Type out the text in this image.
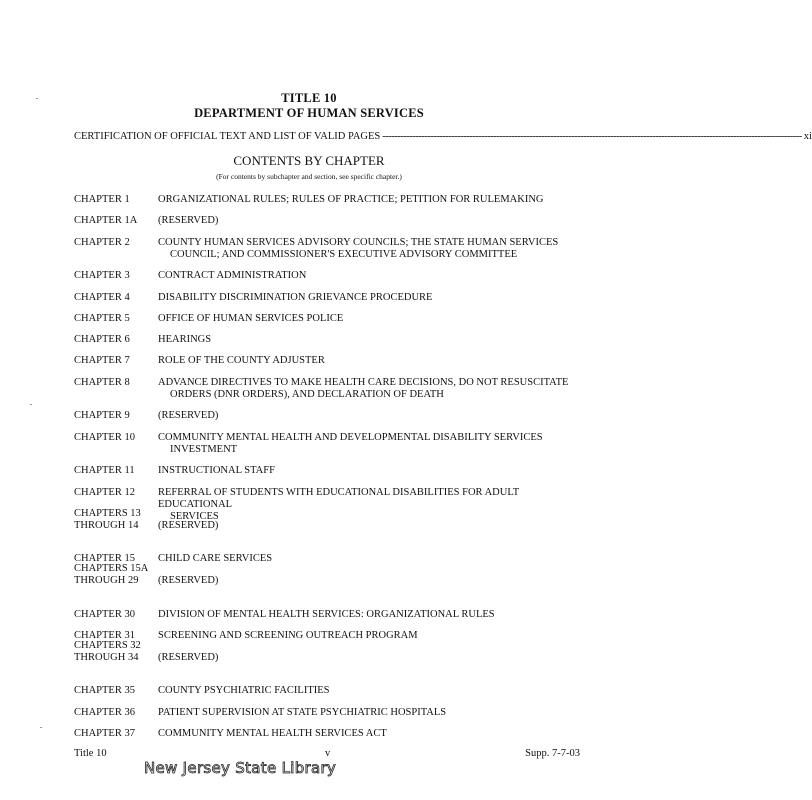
TITLE 10
DEPARTMENT OF HUMAN SERVICES
CERTIFICATION OF OFFICIAL TEXT AND LIST OF VALID PAGES -------------------------------------------------------------------------------------------------------------------------------------------- xi
CONTENTS BY CHAPTER
(For contents by subchapter and section, see specific chapter.)
CHAPTER 1	ORGANIZATIONAL RULES; RULES OF PRACTICE; PETITION FOR RULEMAKING
CHAPTER 1A (RESERVED)
CHAPTER 2	COUNTY HUMAN SERVICES ADVISORY COUNCILS; THE STATE HUMAN SERVICES
COUNCIL; AND COMMISSIONER'S EXECUTIVE ADVISORY COMMITTEE
CHAPTER 3	CONTRACT ADMINISTRATION
CHAPTER 4	DISABILITY DISCRIMINATION GRIEVANCE PROCEDURE
CHAPTER 5	OFFICE OF HUMAN SERVICES POLICE
CHAPTER 6	HEARINGS
CHAPTER 7	ROLE OF THE COUNTY ADJUSTER
CHAPTER 8	ADVANCE DIRECTIVES TO MAKE HEALTH CARE DECISIONS, DO NOT RESUSCITATE
ORDERS (DNR ORDERS), AND DECLARATION OF DEATH
CHAPTER 9	(RESERVED)
CHAPTER 10 COMMUNITY MENTAL HEALTH AND DEVELOPMENTAL DISABILITY SERVICES
INVESTMENT
CHAPTER 11 INSTRUCTIONAL STAFF
CHAPTER 12 REFERRAL OF STUDENTS WITH EDUCATIONAL DISABILITIES FOR ADULT EDUCATIONAL
SERVICES
CHAPTERS 13
THROUGH 14 (RESERVED)
CHAPTER 15 CHILD CARE SERVICES
CHAPTERS 15A
THROUGH 29	(RESERVED)
CHAPTER 30 DIVISION OF MENTAL HEALTH SERVICES: ORGANIZATIONAL RULES
CHAPTER 31 SCREENING AND SCREENING OUTREACH PROGRAM
CHAPTERS 32
THROUGH 34 (RESERVED)
CHAPTER 35 COUNTY PSYCHIATRIC FACILITIES
CHAPTER 36 PATIENT SUPERVISION AT STATE PSYCHIATRIC HOSPITALS
CHAPTER 37 COMMUNITY MENTAL HEALTH SERVICES ACT
Title 10	v	Supp. 7-7-03
New Jersey State Library
